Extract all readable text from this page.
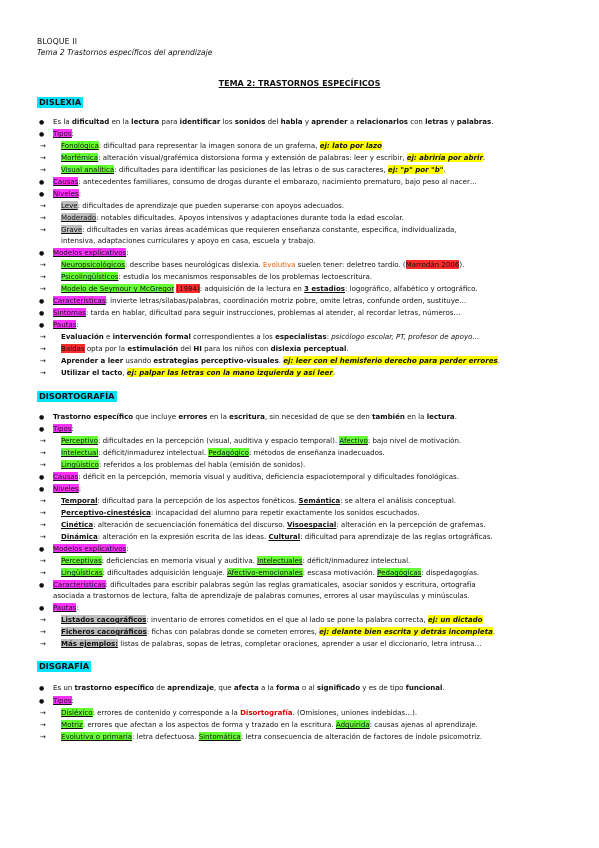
BLOQUE II
Tema 2 Trastornos específicos del aprendizaje
TEMA 2: TRASTORNOS ESPECÍFICOS
DISLEXIA
● Es la dificultad en la lectura para identificar los sonidos del habla y aprender a relacionarlos con letras y palabras.
● Tipos:
→ Fonológica: dificultad para representar la imagen sonora de un grafema, ej: lato por lazo
→ Morfémica: alteración visual/grafémica distorsiona forma y extensión de palabras: leer y escribir, ej: abriría por abrir.
→ Visual analítica: dificultades para identificar las posiciones de las letras o de sus caracteres, ej: "p" por "b".
● Causas: antecedentes familiares, consumo de drogas durante el embarazo, nacimiento prematuro, bajo peso al nacer…
● Niveles:
→ Leve: dificultades de aprendizaje que pueden superarse con apoyos adecuados.
→ Moderado: notables dificultades. Apoyos intensivos y adaptaciones durante toda la edad escolar.
→ Grave: dificultades en varias áreas académicas que requieren enseñanza constante, especifica, individualizada,
intensiva, adaptaciones curriculares y apoyo en casa, escuela y trabajo.
● Modelos explicativos:
→ Neuropsicológicos: describe bases neurológicas dislexia. Evolutiva suelen tener: deletreo tardío. (Marrodán 2006).
→ Psicolingüísticos: estudia los mecanismos responsables de los problemas lectoescritura.
→ Modelo de Seymour y McGregor (1984): adquisición de la lectura en 3 estadios: logográfico, alfabético y ortográfico.
● Características: invierte letras/sílabas/palabras, coordinación motriz pobre, omite letras, confunde orden, sustituye…
● Síntomas: tarda en hablar, dificultad para seguir instrucciones, problemas al atender, al recordar letras, números…
● Pautas:
→ Evaluación e intervención formal correspondientes a los especialistas: psicólogo escolar, PT, profesor de apoyo…
→ Baldas opta por la estimulación del HI para los niños con dislexia perceptual.
→ Aprender a leer usando estrategias perceptivo-visuales. ej: leer con el hemisferio derecho para perder errores.
→ Utilizar el tacto, ej: palpar las letras con la mano izquierda y así leer.
DISORTOGRAFÍA
● Trastorno específico que incluye errores en la escritura, sin necesidad de que se den también en la lectura.
● Tipos:
→ Perceptivo: dificultades en la percepción (visual, auditiva y espacio temporal). Afectivo: bajo nivel de motivación.
→ Intelectual: déficit/inmadurez intelectual. Pedagógico: métodos de enseñanza inadecuados.
→ Lingüístico: referidos a los problemas del habla (emisión de sonidos).
● Causas: déficit en la percepción, memoria visual y auditiva, deficiencia espaciotemporal y dificultades fonológicas.
● Niveles:
→ Temporal: dificultad para la percepción de los aspectos fonéticos. Semántica: se altera el análisis conceptual.
→ Perceptivo-cinestésica: incapacidad del alumno para repetir exactamente los sonidos escuchados.
→ Cinética: alteración de secuenciación fonemática del discurso. Visoespacial: alteración en la percepción de grafemas.
→ Dinámica: alteración en la expresión escrita de las ideas. Cultural: dificultad para aprendizaje de las reglas ortográficas.
● Modelos explicativos:
→ Perceptivas: deficiencias en memoria visual y auditiva. Intelectuales: déficit/inmadurez intelectual.
→ Lingüísticas: dificultades adquisición lenguaje. Afectivo-emocionales: escasa motivación. Pedagógicas: dispedagogías.
● Características: dificultades para escribir palabras según las reglas gramaticales, asociar sonidos y escritura, ortografía
asociada a trastornos de lectura, falta de aprendizaje de palabras comunes, errores al usar mayúsculas y minúsculas.
● Pautas:
→ Listados cacográficos: inventario de errores cometidos en el que al lado se pone la palabra correcta, ej: un dictado
→ Ficheros cacográficos: fichas con palabras donde se cometen errores, ej: delante bien escrita y detrás incompleta.
→ Más ejemplos: listas de palabras, sopas de letras, completar oraciones, aprender a usar el diccionario, letra intrusa…
DISGRAFÍA
● Es un trastorno específico de aprendizaje, que afecta a la forma o al significado y es de tipo funcional.
● Tipos:
→ Disléxico: errores de contenido y corresponde a la Disortografía. (Omisiones, uniones indebidas…).
→ Motriz: errores que afectan a los aspectos de forma y trazado en la escritura. Adquirida: causas ajenas al aprendizaje.
→ Evolutiva o primaria: letra defectuosa. Sintomática: letra consecuencia de alteración de factores de índole psicomotriz.
